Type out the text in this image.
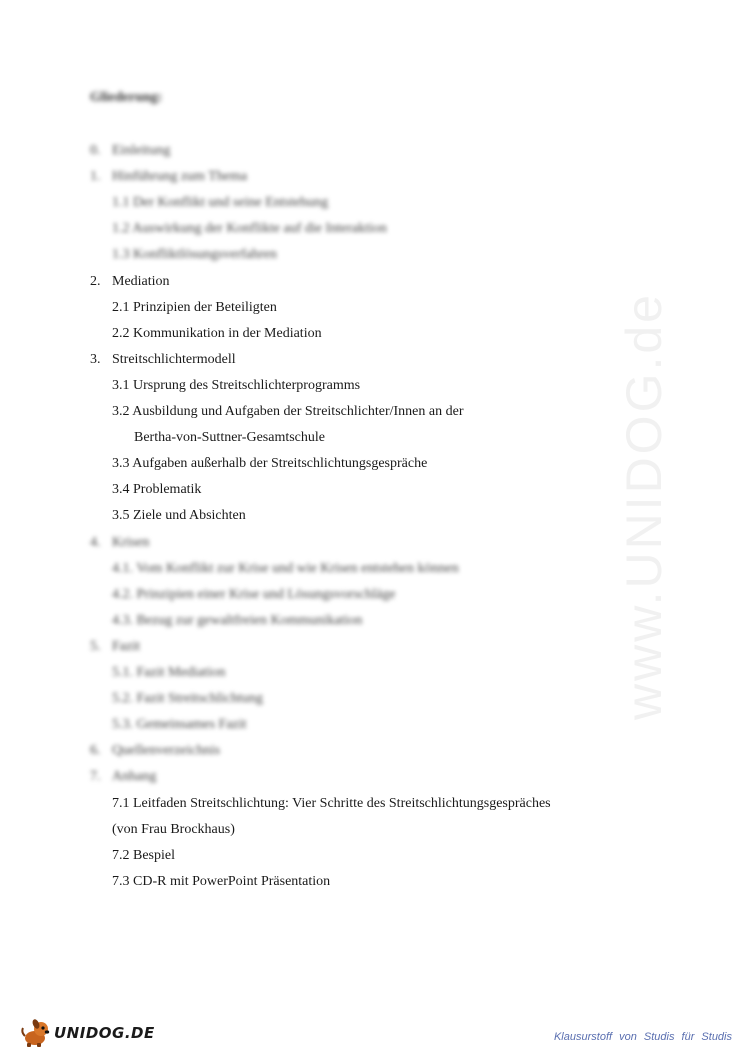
Gliederung:
0. Einleitung
1. Hinführung zum Thema
1.1 Der Konflikt und seine Entstehung
1.2 Auswirkung der Konflikte auf die Interaktion
1.3 Konfliktlösungsverfahren
2. Mediation
2.1 Prinzipien der Beteiligten
2.2 Kommunikation in der Mediation
3. Streitschlichtermodell
3.1 Ursprung des Streitschlichterprogramms
3.2 Ausbildung und Aufgaben der Streitschlichter/Innen an der
Bertha-von-Suttner-Gesamtschule
3.3 Aufgaben außerhalb der Streitschlichtungsgespräche
3.4 Problematik
3.5 Ziele und Absichten
4. Krisen
4.1. Vom Konflikt zur Krise und wie Krisen entstehen können
4.2. Prinzipien einer Krise und Lösungsvorschläge
4.3. Bezug zur gewaltfreien Kommunikation
5. Fazit
5.1. Fazit Mediation
5.2. Fazit Streitschlichtung
5.3. Gemeinsames Fazit
6. Quellenverzeichnis
7. Anhang
7.1 Leitfaden Streitschlichtung: Vier Schritte des Streitschlichtungsgespräches
(von Frau Brockhaus)
7.2 Bespiel
7.3 CD-R mit PowerPoint Präsentation
www.UNIDOG.de
UNIDOG.DE	Klausurstoff von Studis für Studis
